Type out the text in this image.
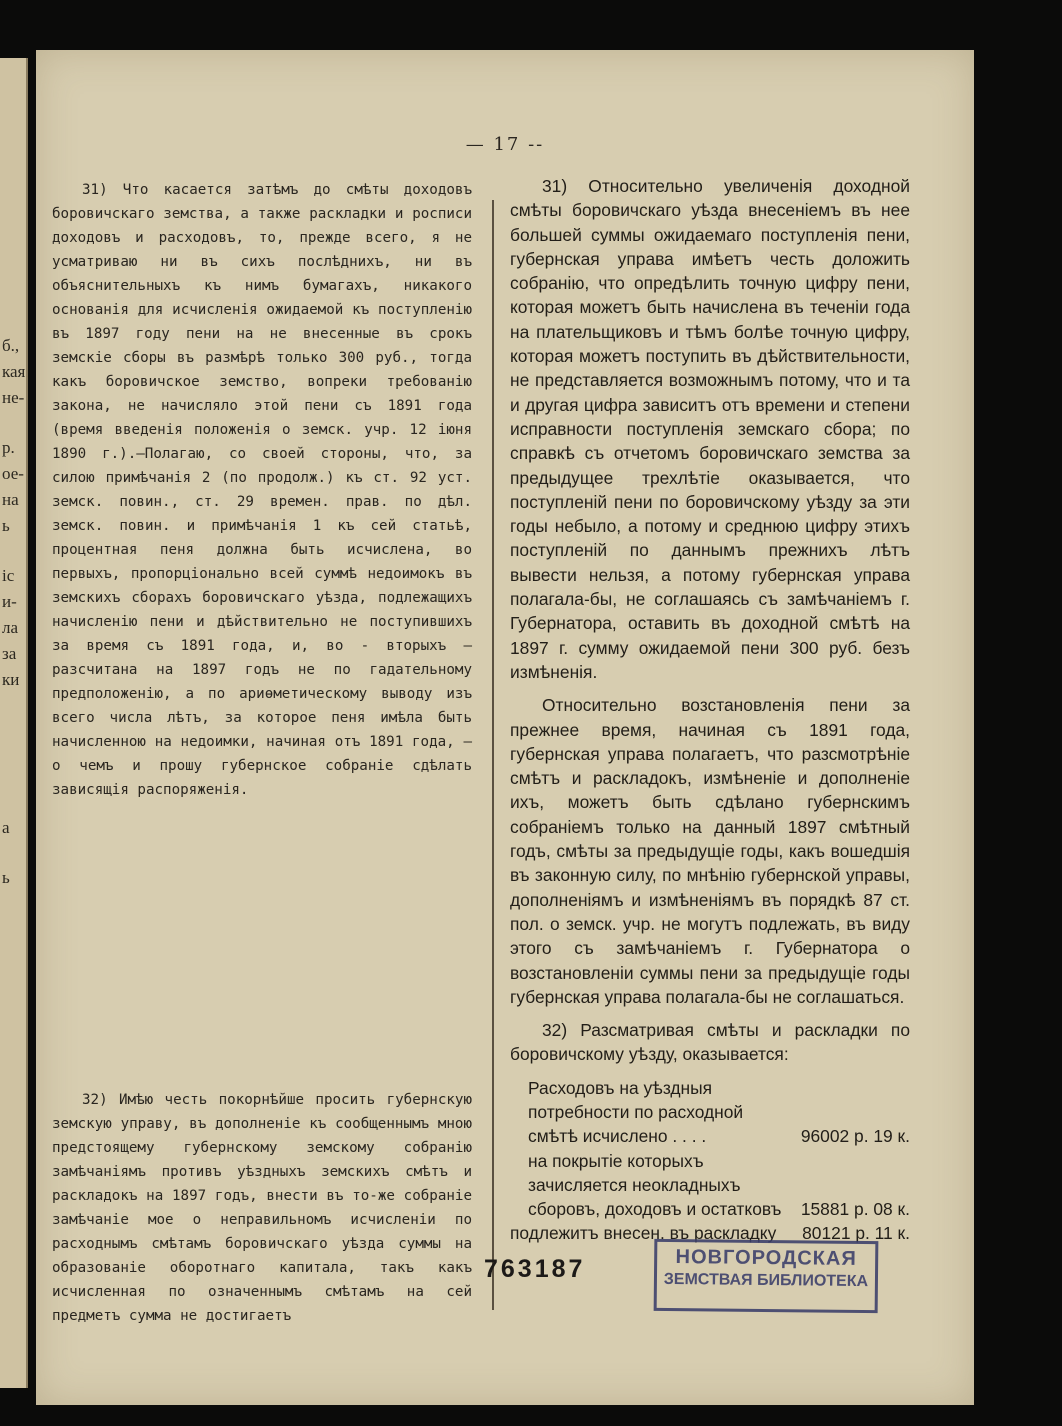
б.,
кая
не-
р.
ое-
на
ь
іс
и-
ла
за
ки
а
ь
— 17 --

31) Что касается затѣмъ до смѣты доходовъ боровичскаго земства, а также раскладки и росписи доходовъ и расходовъ, то, прежде всего, я не усматриваю ни въ сихъ послѣднихъ, ни въ объяснительныхъ къ нимъ бумагахъ, никакого основанія для исчисленія ожидаемой къ поступленію въ 1897 году пени на не внесенные въ срокъ земскіе сборы въ размѣрѣ только 300 руб., тогда какъ боровичское земство, вопреки требованію закона, не начисляло этой пени съ 1891 года (время введенія положенія о земск. учр. 12 іюня 1890 г.).—Полагаю, со своей стороны, что, за силою примѣчанія 2 (по продолж.) къ ст. 92 уст. земск. повин., ст. 29 времен. прав. по дѣл. земск. повин. и примѣчанія 1 къ сей статьѣ, процентная пеня должна быть исчислена, во первыхъ, пропорціонально всей суммѣ недоимокъ въ земскихъ сборахъ боровичскаго уѣзда, подлежащихъ начисленію пени и дѣйствительно не поступившихъ за время съ 1891 года, и, во - вторыхъ — разсчитана на 1897 годъ не по гадательному предположенію, а по ариѳметическому выводу изъ всего числа лѣтъ, за которое пеня имѣла быть начисленною на недоимки, начиная отъ 1891 года, — о чемъ и прошу губернское собраніе сдѣлать зависящія распоряженія.

32) Имѣю честь покорнѣйше просить губернскую земскую управу, въ дополненіе къ сообщеннымъ мною предстоящему губернскому земскому собранію замѣчаніямъ противъ уѣздныхъ земскихъ смѣтъ и раскладокъ на 1897 годъ, внести въ то-же собраніе замѣчаніе мое о неправильномъ исчисленіи по расходнымъ смѣтамъ боровичскаго уѣзда суммы на образованіе оборотнаго капитала, такъ какъ исчисленная по означеннымъ смѣтамъ на сей предметъ сумма не достигаетъ

31) Относительно увеличенія доходной смѣты боровичскаго уѣзда внесеніемъ въ нее большей суммы ожидаемаго поступленія пени, губернская управа имѣетъ честь доложить собранію, что опредѣлить точную цифру пени, которая можетъ быть начислена въ теченіи года на плательщиковъ и тѣмъ болѣе точную цифру, которая можетъ поступить въ дѣйствительности, не представляется возможнымъ потому, что и та и другая цифра зависитъ отъ времени и степени исправности поступленія земскаго сбора; по справкѣ съ отчетомъ боровичскаго земства за предыдущее трехлѣтіе оказывается, что поступленій пени по боровичскому уѣзду за эти годы небыло, а потому и среднюю цифру этихъ поступленій по даннымъ прежнихъ лѣтъ вывести нельзя, а потому губернская управа полагала-бы, не соглашаясь съ замѣчаніемъ г. Губернатора, оставить въ доходной смѣтѣ на 1897 г. сумму ожидаемой пени 300 руб. безъ измѣненія.

Относительно возстановленія пени за прежнее время, начиная съ 1891 года, губернская управа полагаетъ, что разсмотрѣніе смѣтъ и раскладокъ, измѣненіе и дополненіе ихъ, можетъ быть сдѣлано губернскимъ собраніемъ только на данный 1897 смѣтный годъ, смѣты за предыдущіе годы, какъ вошедшія въ законную силу, по мнѣнію губернской управы, дополненіямъ и измѣненіямъ въ порядкѣ 87 ст. пол. о земск. учр. не могутъ подлежать, въ виду этого съ замѣчаніемъ г. Губернатора о возстановленіи суммы пени за предыдущіе годы губернская управа полагала-бы не соглашаться.

32) Разсматривая смѣты и раскладки по боровичскому уѣзду, оказывается:

Расходовъ на уѣздныя потребности по расходной смѣтѣ исчислено . . . .	96002 р. 19 к.
на покрытіе которыхъ зачисляется неокладныхъ сборовъ, доходовъ и остатковъ	15881 р. 08 к.
подлежитъ внесен. въ раскладку	80121 р. 11 к.
763187	НОВГОРОДСКАЯ
ЗЕМСТВАЯ БИБЛИОТЕКА
